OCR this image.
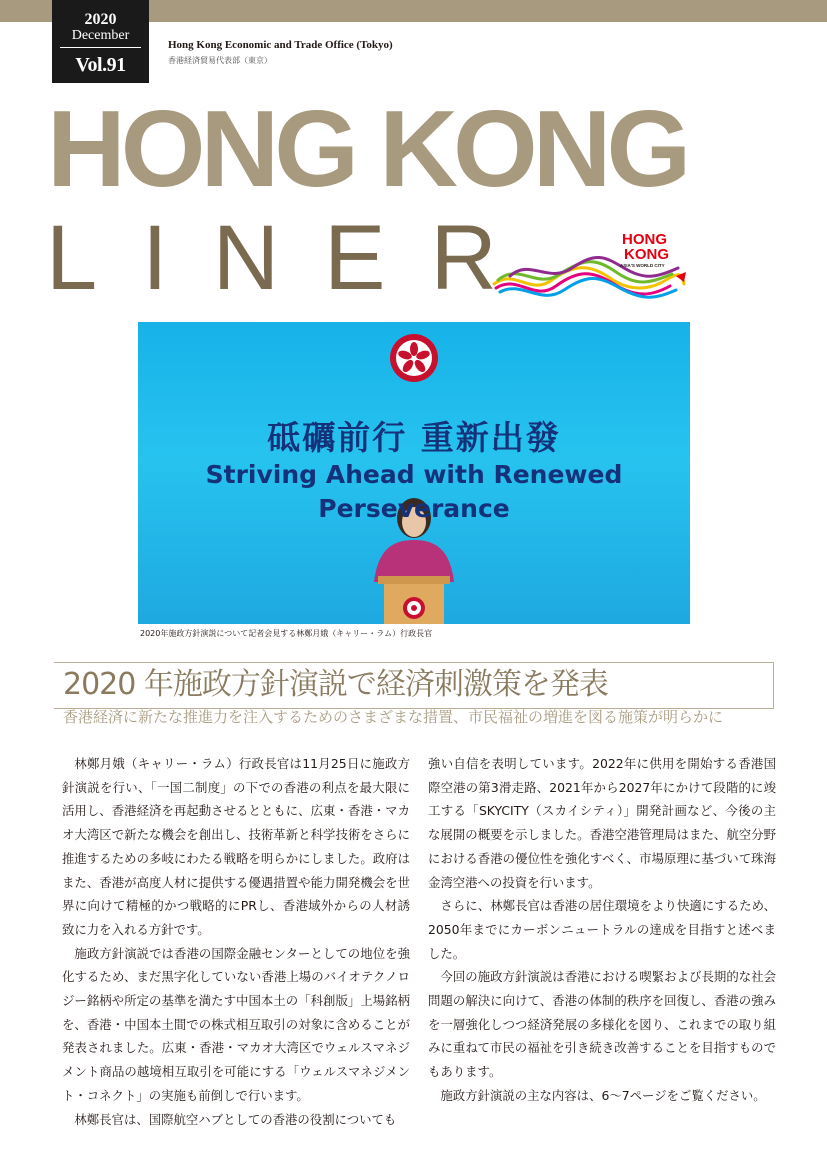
2020
December
Vol.91
Hong Kong Economic and Trade Office (Tokyo)
香港経済貿易代表部（東京）
HONG KONG
LINER	HONG
KONG
ASIA'S WORLD CITY
砥礪前行 重新出發
Striving Ahead with Renewed Perseverance
2020年施政方針演説について記者会見する林鄭月娥（キャリー・ラム）行政長官
2020 年施政方針演説で経済刺激策を発表
香港経済に新たな推進力を注入するためのさまざまな措置、市民福祉の増進を図る施策が明らかに

林鄭月娥（キャリー・ラム）行政長官は11月25日に施政方針演説を行い、「一国二制度」の下での香港の利点を最大限に活用し、香港経済を再起動させるとともに、広東・香港・マカオ大湾区で新たな機会を創出し、技術革新と科学技術をさらに推進するための多岐にわたる戦略を明らかにしました。政府はまた、香港が高度人材に提供する優遇措置や能力開発機会を世界に向けて精極的かつ戦略的にPRし、香港域外からの人材誘致に力を入れる方針です。

施政方針演説では香港の国際金融センターとしての地位を強化するため、まだ黒字化していない香港上場のバイオテクノロジー銘柄や所定の基準を満たす中国本土の「科創版」上場銘柄を、香港・中国本土間での株式相互取引の対象に含めることが発表されました。広東・香港・マカオ大湾区でウェルスマネジメント商品の越境相互取引を可能にする「ウェルスマネジメント・コネクト」の実施も前倒しで行います。

林鄭長官は、国際航空ハブとしての香港の役割についても

強い自信を表明しています。2022年に供用を開始する香港国際空港の第3滑走路、2021年から2027年にかけて段階的に竣工する「SKYCITY（スカイシティ）」開発計画など、今後の主な展開の概要を示しました。香港空港管理局はまた、航空分野における香港の優位性を強化すべく、市場原理に基づいて珠海金湾空港への投資を行います。

さらに、林鄭長官は香港の居住環境をより快適にするため、2050年までにカーボンニュートラルの達成を目指すと述べました。

今回の施政方針演説は香港における喫緊および長期的な社会問題の解決に向けて、香港の体制的秩序を回復し、香港の強みを一層強化しつつ経済発展の多様化を図り、これまでの取り組みに重ねて市民の福祉を引き続き改善することを目指すものでもあります。

施政方針演説の主な内容は、6～7ページをご覧ください。
